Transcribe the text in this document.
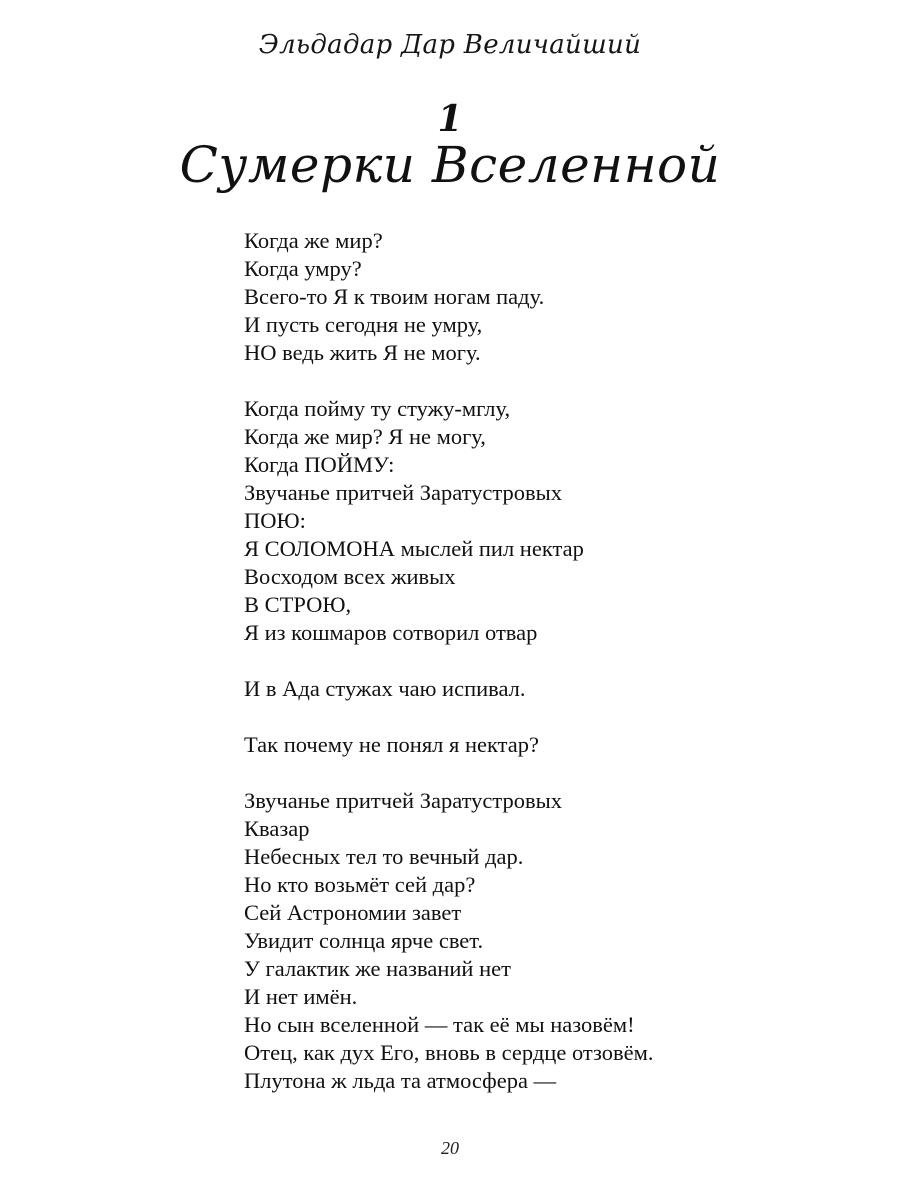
Эльдадар Дар Величайший
1
Сумерки Вселенной
Когда же мир?
Когда умру?
Всего-то Я к твоим ногам паду.
И пусть сегодня не умру,
НО ведь жить Я не могу.
Когда пойму ту стужу-мглу,
Когда же мир? Я не могу,
Когда ПОЙМУ:
Звучанье притчей Заратустровых
ПОЮ:
Я СОЛОМОНА мыслей пил нектар
Восходом всех живых
В СТРОЮ,
Я из кошмаров сотворил отвар
И в Ада стужах чаю испивал.
Так почему не понял я нектар?
Звучанье притчей Заратустровых
Квазар
Небесных тел то вечный дар.
Но кто возьмёт сей дар?
Сей Астрономии завет
Увидит солнца ярче свет.
У галактик же названий нет
И нет имён.
Но сын вселенной — так её мы назовём!
Отец, как дух Его, вновь в сердце отзовём.
Плутона ж льда та атмосфера —
20
